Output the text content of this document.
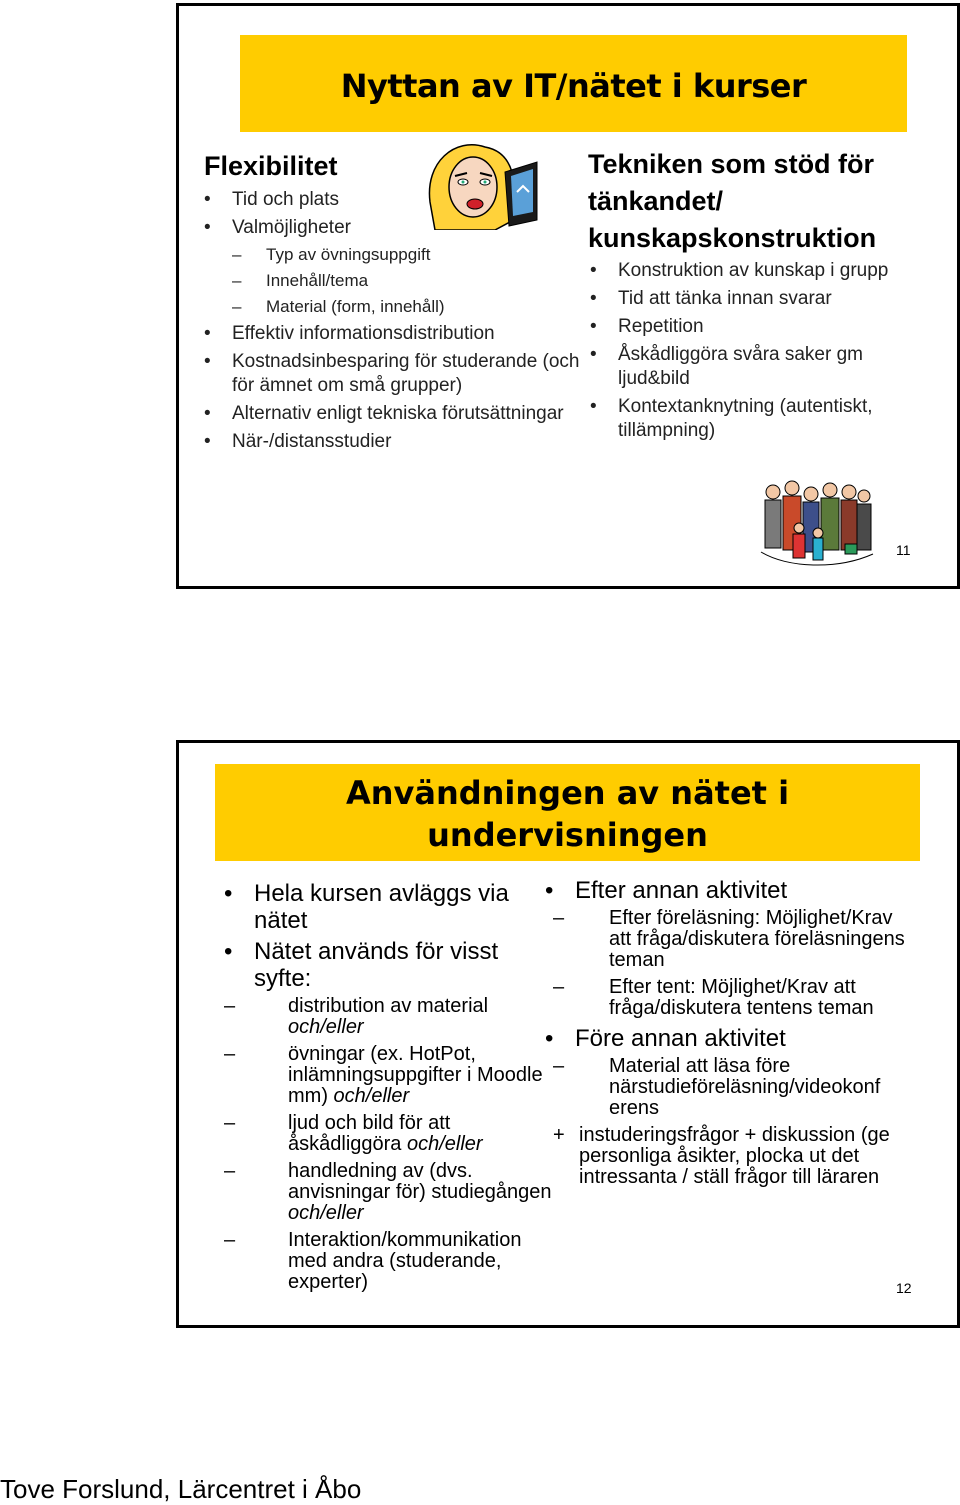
Nyttan av IT/nätet i kurser
Flexibilitet
• Tid och plats
• Valmöjligheter
– Typ av övningsuppgift
– Innehåll/tema
– Material (form, innehåll)
• Effektiv informationsdistribution
• Kostnadsinbesparing för studerande (och för ämnet om små grupper)
• Alternativ enligt tekniska förutsättningar
• När-/distansstudier
Tekniken som stöd för tänkandet/ kunskapskonstruktion
• Konstruktion av kunskap i grupp
• Tid att tänka innan svarar
• Repetition
• Åskådliggöra svåra saker gm ljud&bild
• Kontextanknytning (autentiskt, tillämpning)
11
Användningen av nätet i undervisningen
• Hela kursen avläggs via nätet
• Nätet används för visst syfte:
– distribution av material och/eller
– övningar (ex. HotPot, inlämningsuppgifter i Moodle mm) och/eller
– ljud och bild för att åskådliggöra och/eller
– handledning av (dvs. anvisningar för) studiegången och/eller
– Interaktion/kommunikation med andra (studerande, experter)
• Efter annan aktivitet
– Efter föreläsning: Möjlighet/Krav att fråga/diskutera föreläsningens teman
– Efter tent: Möjlighet/Krav att fråga/diskutera tentens teman
• Före annan aktivitet
– Material att läsa före närstudieföreläsning/videokonf erens
+ instuderingsfrågor + diskussion (ge personliga åsikter, plocka ut det intressanta / ställ frågor till läraren
12
Tove Forslund, Lärcentret i Åbo
